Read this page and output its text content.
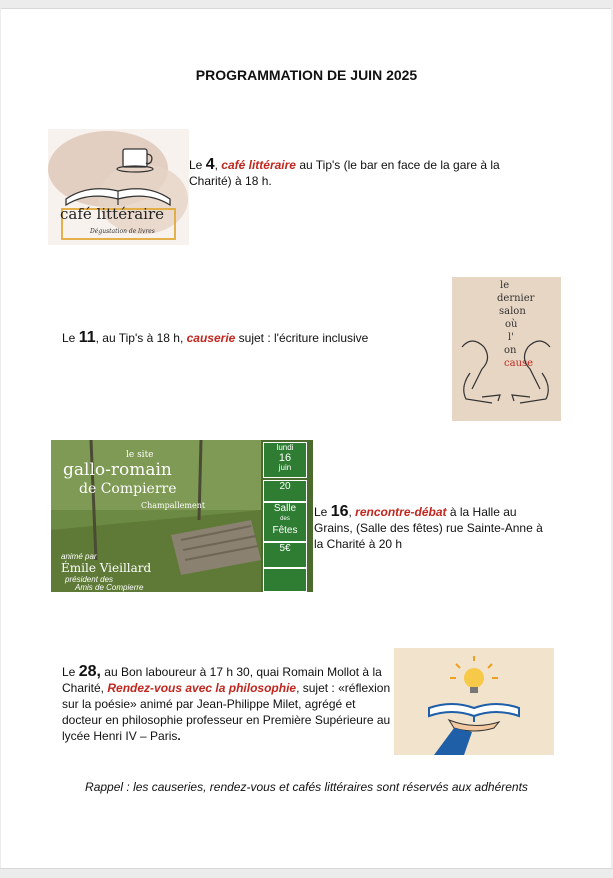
PROGRAMMATION DE JUIN 2025
café littéraire
Dégustation de livres
Le 4, café littéraire au Tip's (le bar en face de la gare à la Charité) à 18 h.
Le 11, au Tip's à 18 h, causerie sujet : l'écriture inclusive
le
dernier
salon
où
l'
on
cause
le site
gallo-romain
de Compierre
Champallement
animé par
Émile Vieillard
président des
Amis de Compierre
lundi
16
juin
20
Salle
des
Fêtes
5€
Le 16, rencontre-débat à la Halle au Grains, (Salle des fêtes) rue Sainte-Anne à la Charité à 20 h
Le 28, au Bon laboureur à 17 h 30, quai Romain Mollot à la Charité, Rendez-vous avec la philosophie, sujet : «réflexion sur la poésie» animé par Jean-Philippe Milet, agrégé et docteur en philosophie professeur en Première Supérieure au lycée Henri IV – Paris.
Rappel : les causeries, rendez-vous et cafés littéraires sont réservés aux adhérents
